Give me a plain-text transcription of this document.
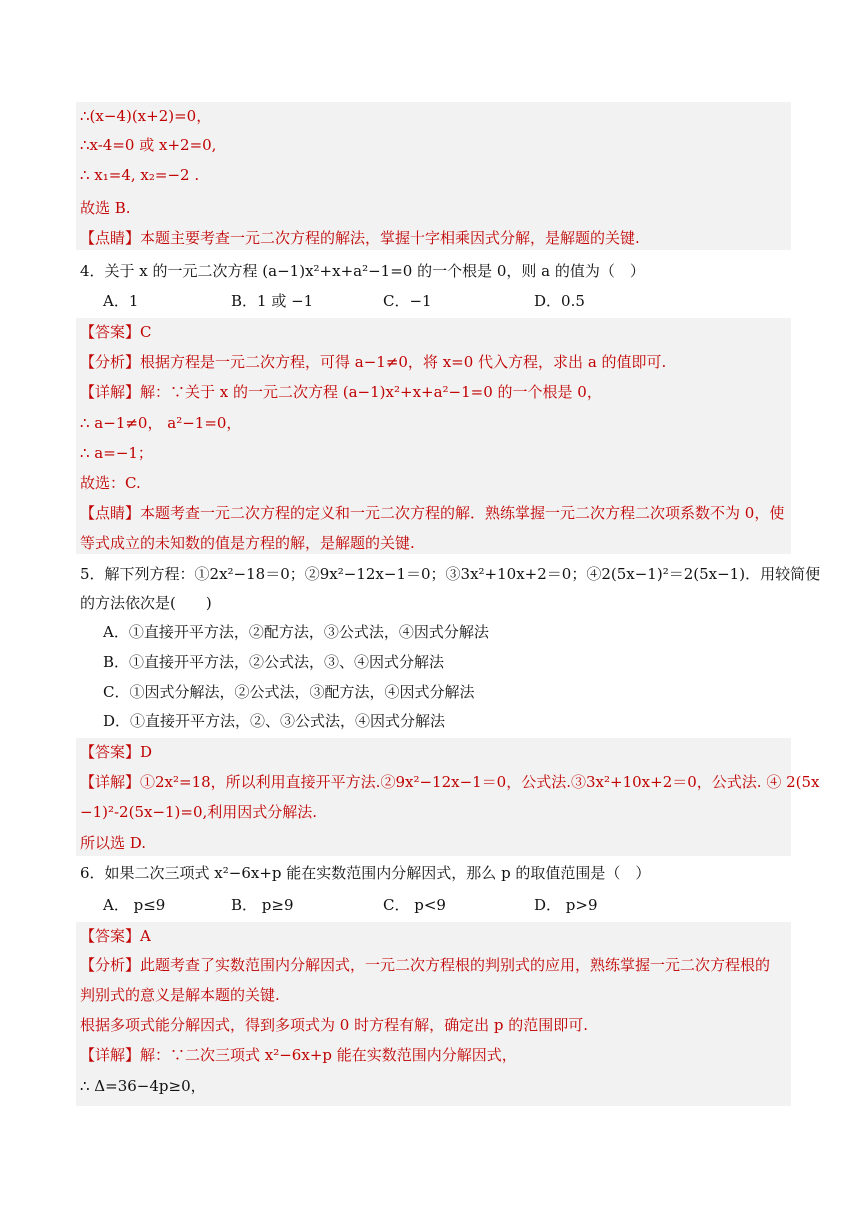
∴(x−4)(x+2)=0，
∴x-4=0 或 x+2=0,
∴ x₁=4, x₂=−2 .
故选 B.
【点睛】本题主要考查一元二次方程的解法，掌握十字相乘因式分解，是解题的关键.
4．关于 x 的一元二次方程 (a−1)x²+x+a²−1=0 的一个根是 0，则 a 的值为（　）
A．1	B．1 或 −1	C．−1	D．0.5
【答案】C
【分析】根据方程是一元二次方程，可得 a−1≠0，将 x=0 代入方程，求出 a 的值即可.
【详解】解：∵关于 x 的一元二次方程 (a−1)x²+x+a²−1=0 的一个根是 0，
∴ a−1≠0， a²−1=0，
∴ a=−1；
故选：C.
【点睛】本题考查一元二次方程的定义和一元二次方程的解．熟练掌握一元二次方程二次项系数不为 0，使
等式成立的未知数的值是方程的解，是解题的关键.
5．解下列方程：①2x²−18＝0；②9x²−12x−1＝0；③3x²+10x+2＝0；④2(5x−1)²＝2(5x−1)．用较简便
的方法依次是(　　)
A．①直接开平方法，②配方法，③公式法，④因式分解法
B．①直接开平方法，②公式法，③、④因式分解法
C．①因式分解法，②公式法，③配方法，④因式分解法
D．①直接开平方法，②、③公式法，④因式分解法
【答案】D
【详解】①2x²=18，所以利用直接开平方法.②9x²−12x−1＝0，公式法.③3x²+10x+2＝0，公式法. ④ 2(5x
−1)²-2(5x−1)=0,利用因式分解法.
所以选 D.
6．如果二次三项式 x²−6x+p 能在实数范围内分解因式，那么 p 的取值范围是（　）
A． p≤9	B． p≥9	C． p<9	D． p>9
【答案】A
【分析】此题考查了实数范围内分解因式，一元二次方程根的判别式的应用，熟练掌握一元二次方程根的
判别式的意义是解本题的关键.
根据多项式能分解因式，得到多项式为 0 时方程有解，确定出 p 的范围即可.
【详解】解：∵二次三项式 x²−6x+p 能在实数范围内分解因式，
∴ Δ=36−4p≥0，
